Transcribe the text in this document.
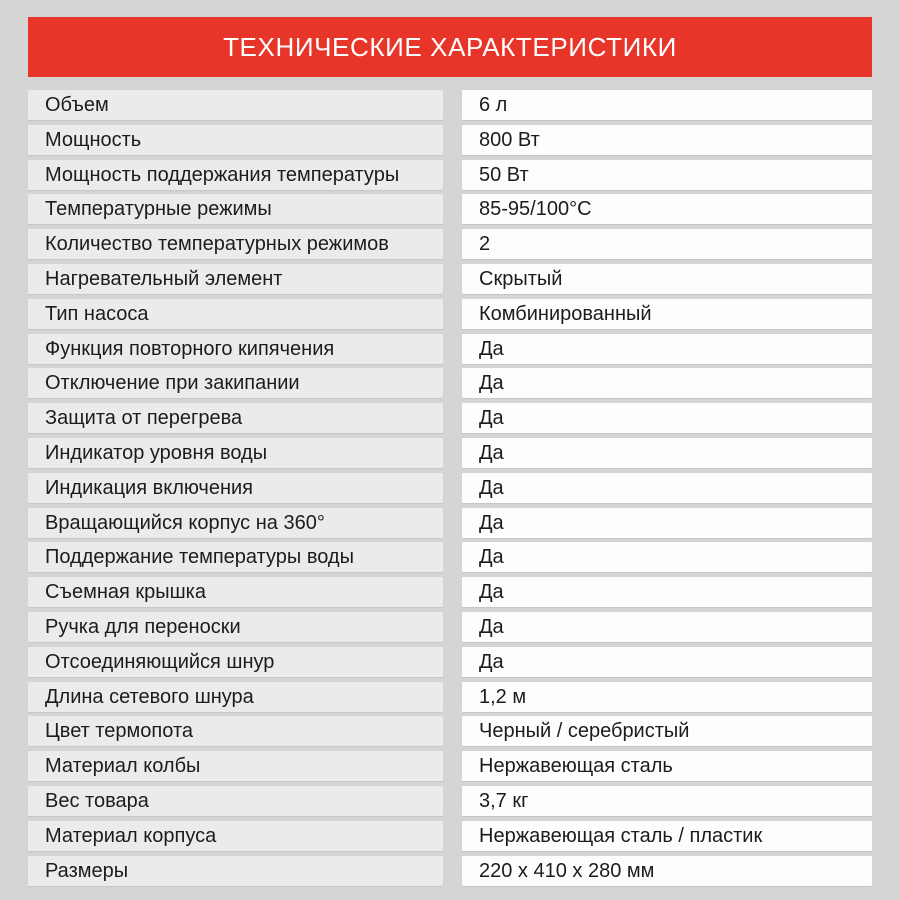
ТЕХНИЧЕСКИЕ ХАРАКТЕРИСТИКИ
Объем	6 л
Мощность	800 Вт
Мощность поддержания температуры	50 Вт
Температурные режимы	85-95/100°C
Количество температурных режимов	2
Нагревательный элемент	Скрытый
Тип насоса	Комбинированный
Функция повторного кипячения	Да
Отключение при закипании	Да
Защита от перегрева	Да
Индикатор уровня воды	Да
Индикация включения	Да
Вращающийся корпус на 360°	Да
Поддержание температуры воды	Да
Съемная крышка	Да
Ручка для переноски	Да
Отсоединяющийся шнур	Да
Длина сетевого шнура	1,2 м
Цвет термопота	Черный / серебристый
Материал колбы	Нержавеющая сталь
Вес товара	3,7 кг
Материал корпуса	Нержавеющая сталь / пластик
Размеры	220 x 410 x 280 мм
